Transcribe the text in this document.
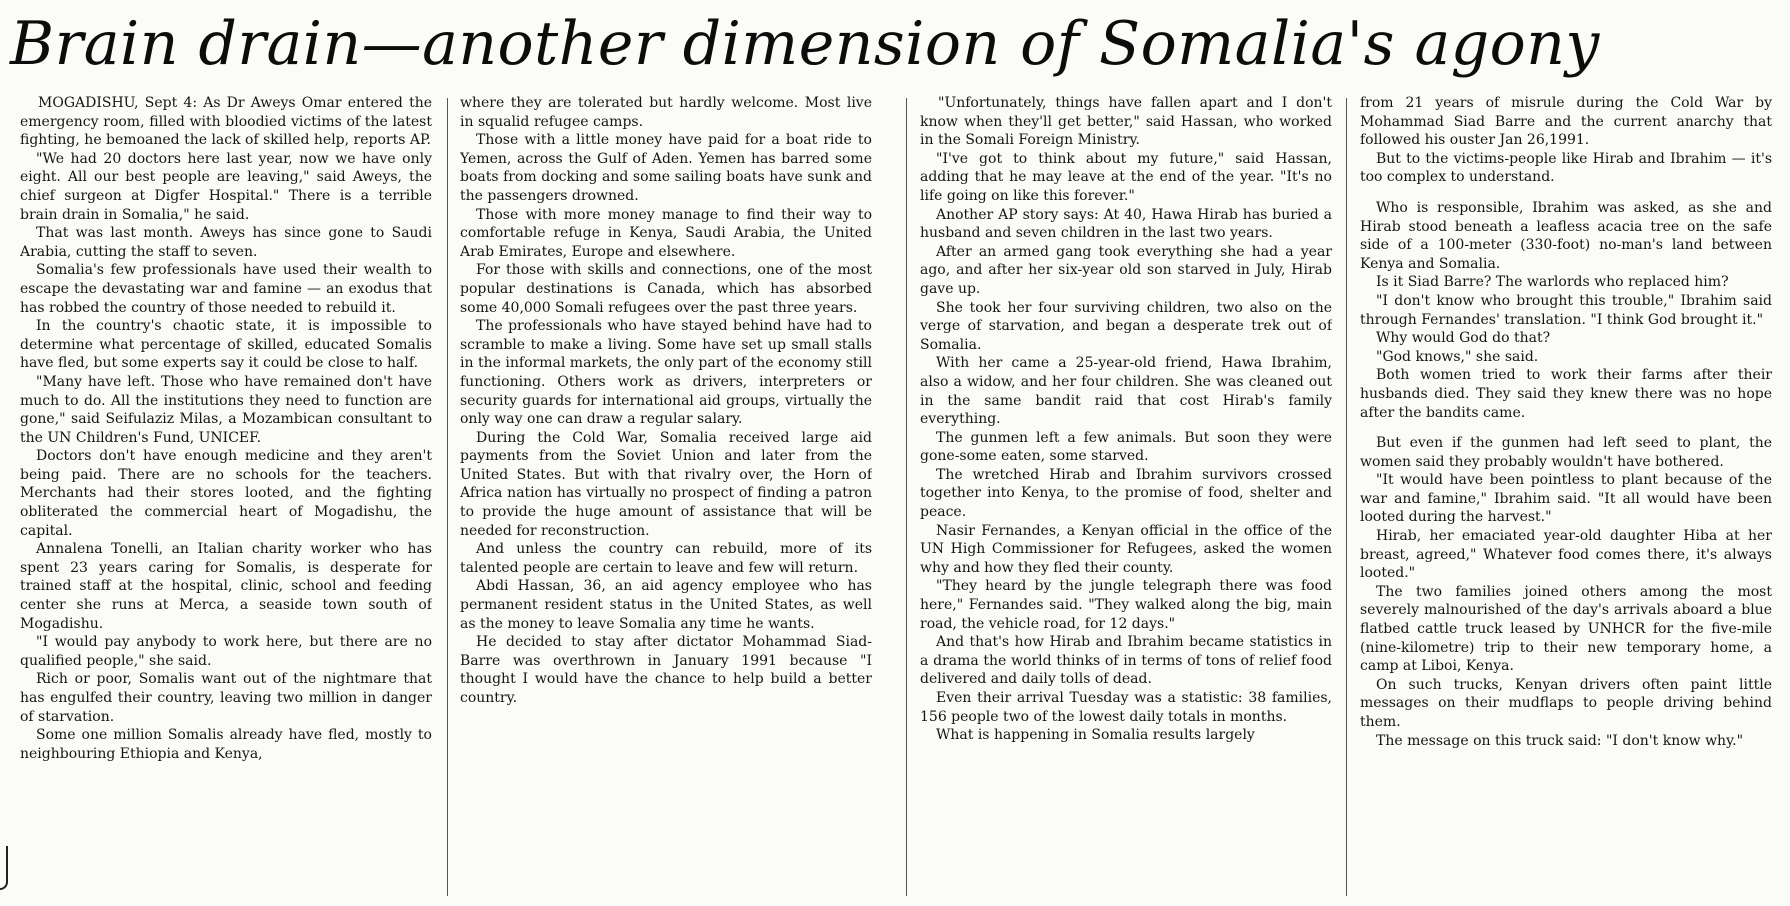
Brain drain—another dimension of Somalia's agony

MOGADISHU, Sept 4: As Dr Aweys Omar entered the emergency room, filled with bloodied victims of the latest fighting, he bemoaned the lack of skilled help, reports AP.

"We had 20 doctors here last year, now we have only eight. All our best people are leaving," said Aweys, the chief surgeon at Digfer Hospital." There is a terrible brain drain in Somalia," he said.

That was last month. Aweys has since gone to Saudi Arabia, cutting the staff to seven.

Somalia's few professionals have used their wealth to escape the devastating war and famine — an exodus that has robbed the country of those needed to rebuild it.

In the country's chaotic state, it is impossible to determine what percentage of skilled, educated Somalis have fled, but some experts say it could be close to half.

"Many have left. Those who have remained don't have much to do. All the institutions they need to function are gone," said Seifulaziz Milas, a Mozambican consultant to the UN Children's Fund, UNICEF.

Doctors don't have enough medicine and they aren't being paid. There are no schools for the teachers. Merchants had their stores looted, and the fighting obliterated the commercial heart of Mogadishu, the capital.

Annalena Tonelli, an Italian charity worker who has spent 23 years caring for Somalis, is desperate for trained staff at the hospital, clinic, school and feeding center she runs at Merca, a seaside town south of Mogadishu.

"I would pay anybody to work here, but there are no qualified people," she said.

Rich or poor, Somalis want out of the nightmare that has engulfed their country, leaving two million in danger of starvation.

Some one million Somalis already have fled, mostly to neighbouring Ethiopia and Kenya,

where they are tolerated but hardly welcome. Most live in squalid refugee camps.

Those with a little money have paid for a boat ride to Yemen, across the Gulf of Aden. Yemen has barred some boats from docking and some sailing boats have sunk and the passengers drowned.

Those with more money manage to find their way to comfortable refuge in Kenya, Saudi Arabia, the United Arab Emirates, Europe and elsewhere.

For those with skills and connections, one of the most popular destinations is Canada, which has absorbed some 40,000 Somali refugees over the past three years.

The professionals who have stayed behind have had to scramble to make a living. Some have set up small stalls in the informal markets, the only part of the economy still functioning. Others work as drivers, interpreters or security guards for international aid groups, virtually the only way one can draw a regular salary.

During the Cold War, Somalia received large aid payments from the Soviet Union and later from the United States. But with that rivalry over, the Horn of Africa nation has virtually no prospect of finding a patron to provide the huge amount of assistance that will be needed for reconstruction.

And unless the country can rebuild, more of its talented people are certain to leave and few will return.

Abdi Hassan, 36, an aid agency employee who has permanent resident status in the United States, as well as the money to leave Somalia any time he wants.

He decided to stay after dictator Mohammad Siad-Barre was overthrown in January 1991 because "I thought I would have the chance to help build a better country.

"Unfortunately, things have fallen apart and I don't know when they'll get better," said Hassan, who worked in the Somali Foreign Ministry.

"I've got to think about my future," said Hassan, adding that he may leave at the end of the year. "It's no life going on like this forever."

Another AP story says: At 40, Hawa Hirab has buried a husband and seven children in the last two years.

After an armed gang took everything she had a year ago, and after her six-year old son starved in July, Hirab gave up.

She took her four surviving children, two also on the verge of starvation, and began a desperate trek out of Somalia.

With her came a 25-year-old friend, Hawa Ibrahim, also a widow, and her four children. She was cleaned out in the same bandit raid that cost Hirab's family everything.

The gunmen left a few animals. But soon they were gone-some eaten, some starved.

The wretched Hirab and Ibrahim survivors crossed together into Kenya, to the promise of food, shelter and peace.

Nasir Fernandes, a Kenyan official in the office of the UN High Commissioner for Refugees, asked the women why and how they fled their county.

"They heard by the jungle telegraph there was food here," Fernandes said. "They walked along the big, main road, the vehicle road, for 12 days."

And that's how Hirab and Ibrahim became statistics in a drama the world thinks of in terms of tons of relief food delivered and daily tolls of dead.

Even their arrival Tuesday was a statistic: 38 families, 156 people two of the lowest daily totals in months.

What is happening in Somalia results largely

from 21 years of misrule during the Cold War by Mohammad Siad Barre and the current anarchy that followed his ouster Jan 26,1991.

But to the victims-people like Hirab and Ibrahim — it's too complex to understand.

Who is responsible, Ibrahim was asked, as she and Hirab stood beneath a leafless acacia tree on the safe side of a 100-meter (330-foot) no-man's land between Kenya and Somalia.

Is it Siad Barre? The warlords who replaced him?

"I don't know who brought this trouble," Ibrahim said through Fernandes' translation. "I think God brought it."

Why would God do that?

"God knows," she said.

Both women tried to work their farms after their husbands died. They said they knew there was no hope after the bandits came.

But even if the gunmen had left seed to plant, the women said they probably wouldn't have bothered.

"It would have been pointless to plant because of the war and famine," Ibrahim said. "It all would have been looted during the harvest."

Hirab, her emaciated year-old daughter Hiba at her breast, agreed," Whatever food comes there, it's always looted."

The two families joined others among the most severely malnourished of the day's arrivals aboard a blue flatbed cattle truck leased by UNHCR for the five-mile (nine-kilometre) trip to their new temporary home, a camp at Liboi, Kenya.

On such trucks, Kenyan drivers often paint little messages on their mudflaps to people driving behind them.

The message on this truck said: "I don't know why."
